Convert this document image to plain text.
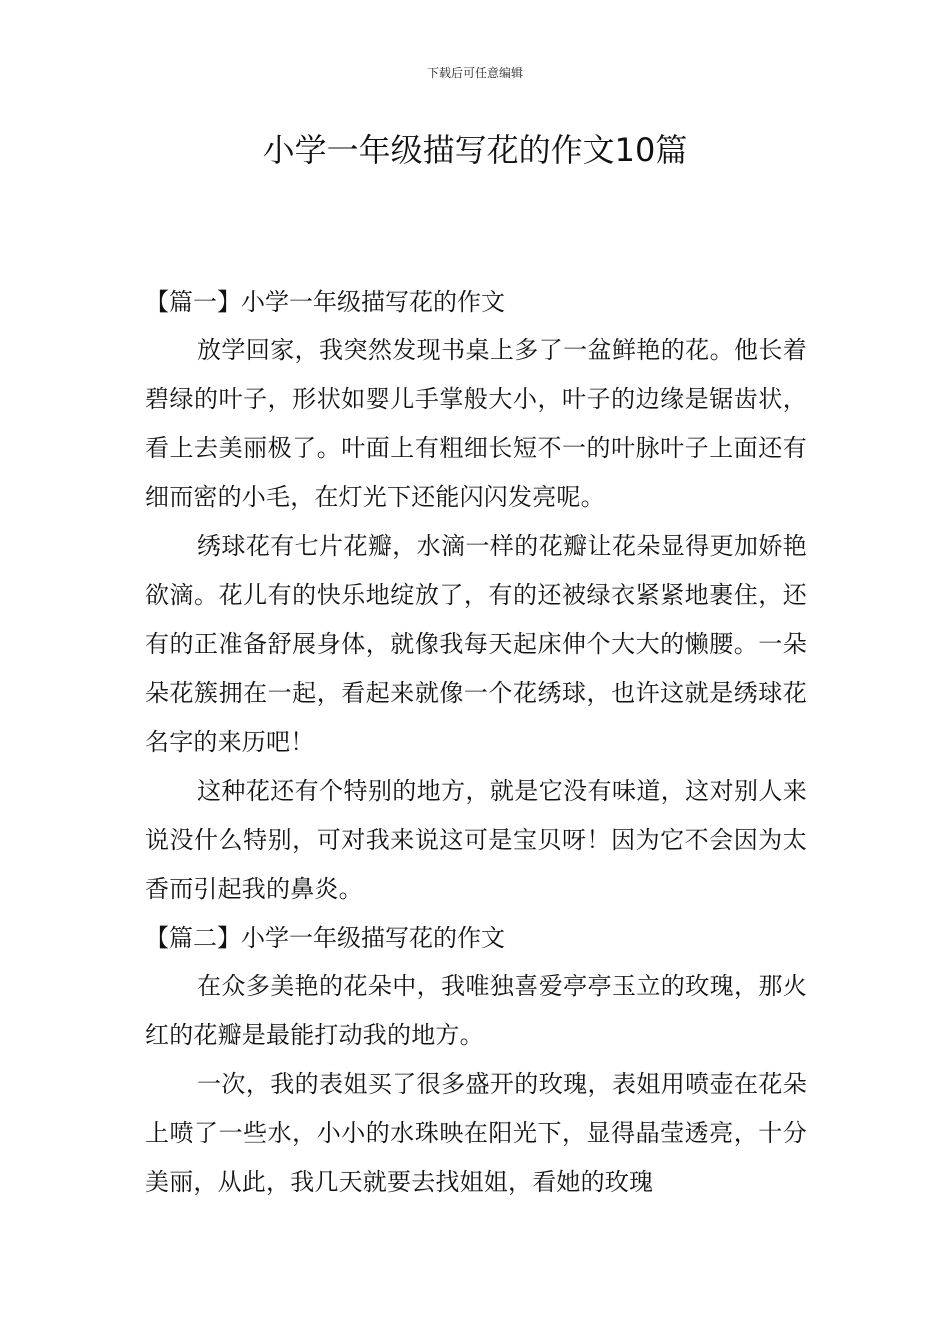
下载后可任意编辑
小学一年级描写花的作文10篇

【篇一】小学一年级描写花的作文

放学回家，我突然发现书桌上多了一盆鲜艳的花。他长着碧绿的叶子，形状如婴儿手掌般大小，叶子的边缘是锯齿状，看上去美丽极了。叶面上有粗细长短不一的叶脉叶子上面还有细而密的小毛，在灯光下还能闪闪发亮呢。

绣球花有七片花瓣，水滴一样的花瓣让花朵显得更加娇艳欲滴。花儿有的快乐地绽放了，有的还被绿衣紧紧地裹住，还有的正准备舒展身体，就像我每天起床伸个大大的懒腰。一朵朵花簇拥在一起，看起来就像一个花绣球，也许这就是绣球花名字的来历吧！

这种花还有个特别的地方，就是它没有味道，这对别人来说没什么特别，可对我来说这可是宝贝呀！因为它不会因为太香而引起我的鼻炎。

【篇二】小学一年级描写花的作文

在众多美艳的花朵中，我唯独喜爱亭亭玉立的玫瑰，那火红的花瓣是最能打动我的地方。

一次，我的表姐买了很多盛开的玫瑰，表姐用喷壶在花朵上喷了一些水，小小的水珠映在阳光下，显得晶莹透亮，十分美丽，从此，我几天就要去找姐姐，看她的玫瑰
